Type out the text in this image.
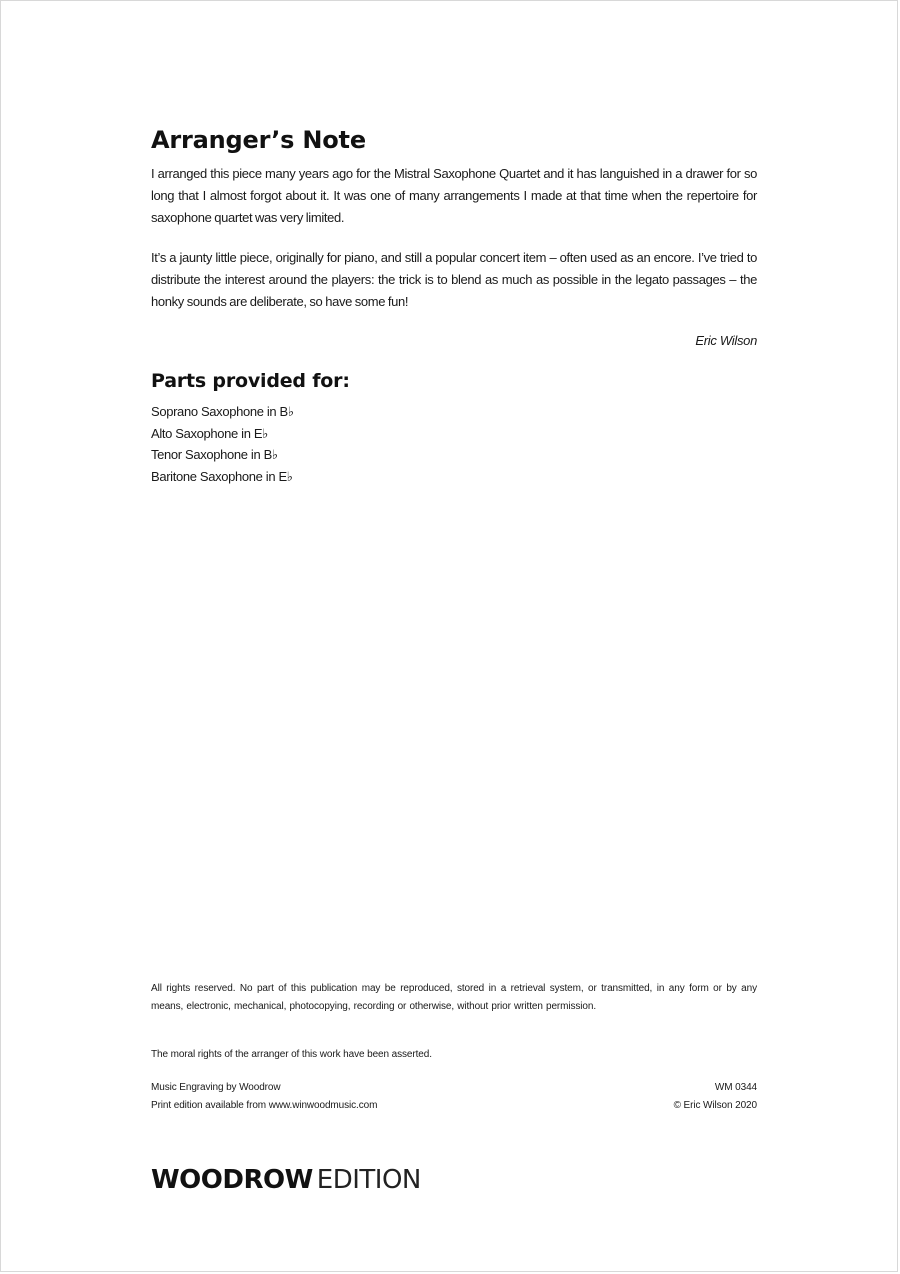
Arranger’s Note

I arranged this piece many years ago for the Mistral Saxophone Quartet and it has languished in a drawer for so long that I almost forgot about it. It was one of many arrangements I made at that time when the repertoire for saxophone quartet was very limited.

It’s a jaunty little piece, originally for piano, and still a popular concert item – often used as an encore. I’ve tried to distribute the interest around the players: the trick is to blend as much as possible in the legato passages – the honky sounds are deliberate, so have some fun!

Eric Wilson
Parts provided for:
Soprano Saxophone in B♭
Alto Saxophone in E♭
Tenor Saxophone in B♭
Baritone Saxophone in E♭

All rights reserved. No part of this publication may be reproduced, stored in a retrieval system, or transmitted, in any form or by any means, electronic, mechanical, photocopying, recording or otherwise, without prior written permission.

The moral rights of the arranger of this work have been asserted.

Music Engraving by Woodrow
Print edition available from www.winwoodmusic.com
WM 0344
© Eric Wilson 2020
WOODROW EDITION
